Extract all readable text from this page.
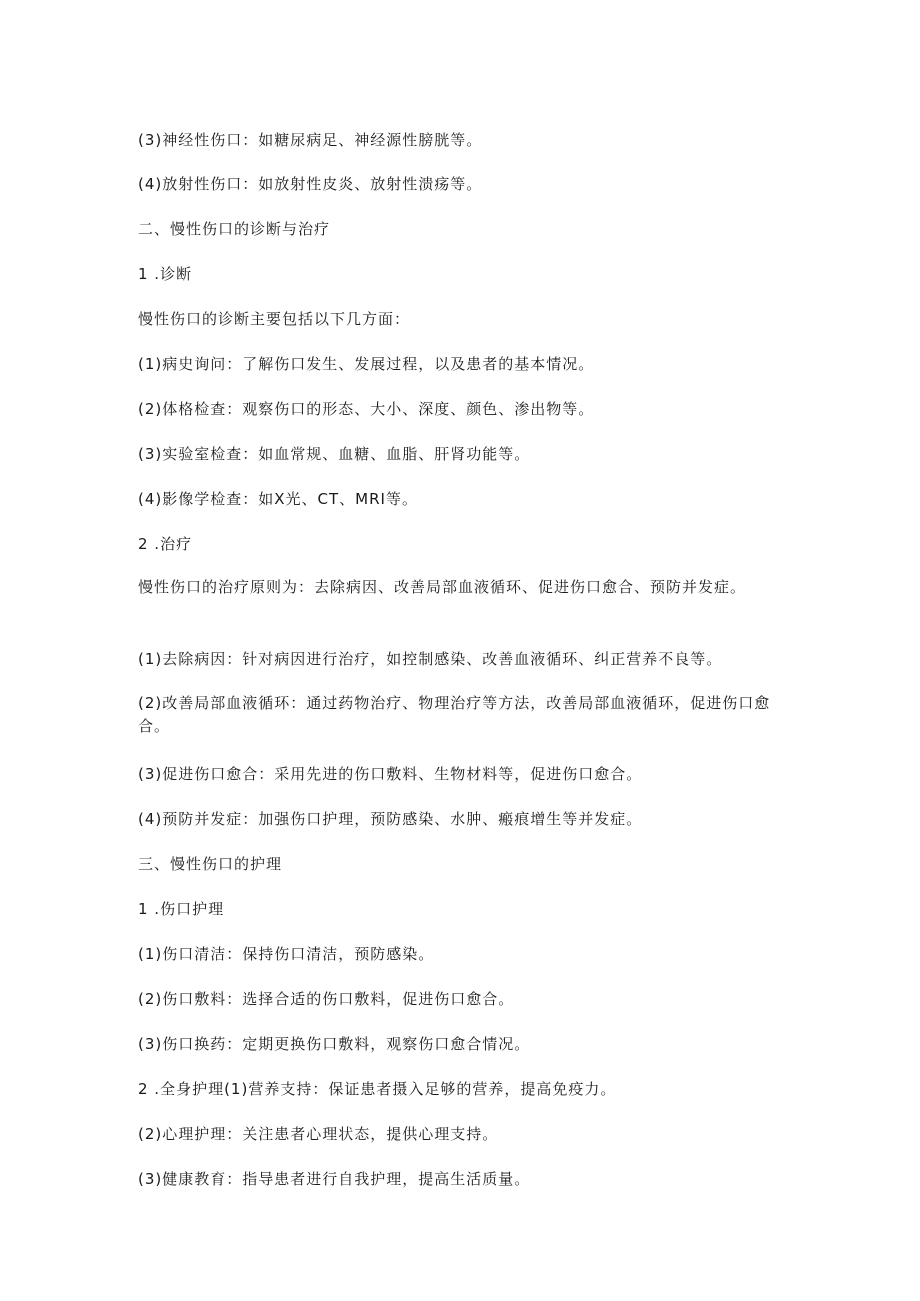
(3)神经性伤口：如糖尿病足、神经源性膀胱等。

(4)放射性伤口：如放射性皮炎、放射性溃疡等。

二、慢性伤口的诊断与治疗

1 .诊断

慢性伤口的诊断主要包括以下几方面：

(1)病史询问：了解伤口发生、发展过程，以及患者的基本情况。

(2)体格检查：观察伤口的形态、大小、深度、颜色、渗出物等。

(3)实验室检查：如血常规、血糖、血脂、肝肾功能等。

(4)影像学检查：如X光、CT、MRI等。

2 .治疗

慢性伤口的治疗原则为：去除病因、改善局部血液循环、促进伤口愈合、预防并发症。

(1)去除病因：针对病因进行治疗，如控制感染、改善血液循环、纠正营养不良等。

(2)改善局部血液循环：通过药物治疗、物理治疗等方法，改善局部血液循环，促进伤口愈合。

(3)促进伤口愈合：采用先进的伤口敷料、生物材料等，促进伤口愈合。

(4)预防并发症：加强伤口护理，预防感染、水肿、瘢痕增生等并发症。

三、慢性伤口的护理

1 .伤口护理

(1)伤口清洁：保持伤口清洁，预防感染。

(2)伤口敷料：选择合适的伤口敷料，促进伤口愈合。

(3)伤口换药：定期更换伤口敷料，观察伤口愈合情况。

2 .全身护理(1)营养支持：保证患者摄入足够的营养，提高免疫力。

(2)心理护理：关注患者心理状态，提供心理支持。

(3)健康教育：指导患者进行自我护理，提高生活质量。
